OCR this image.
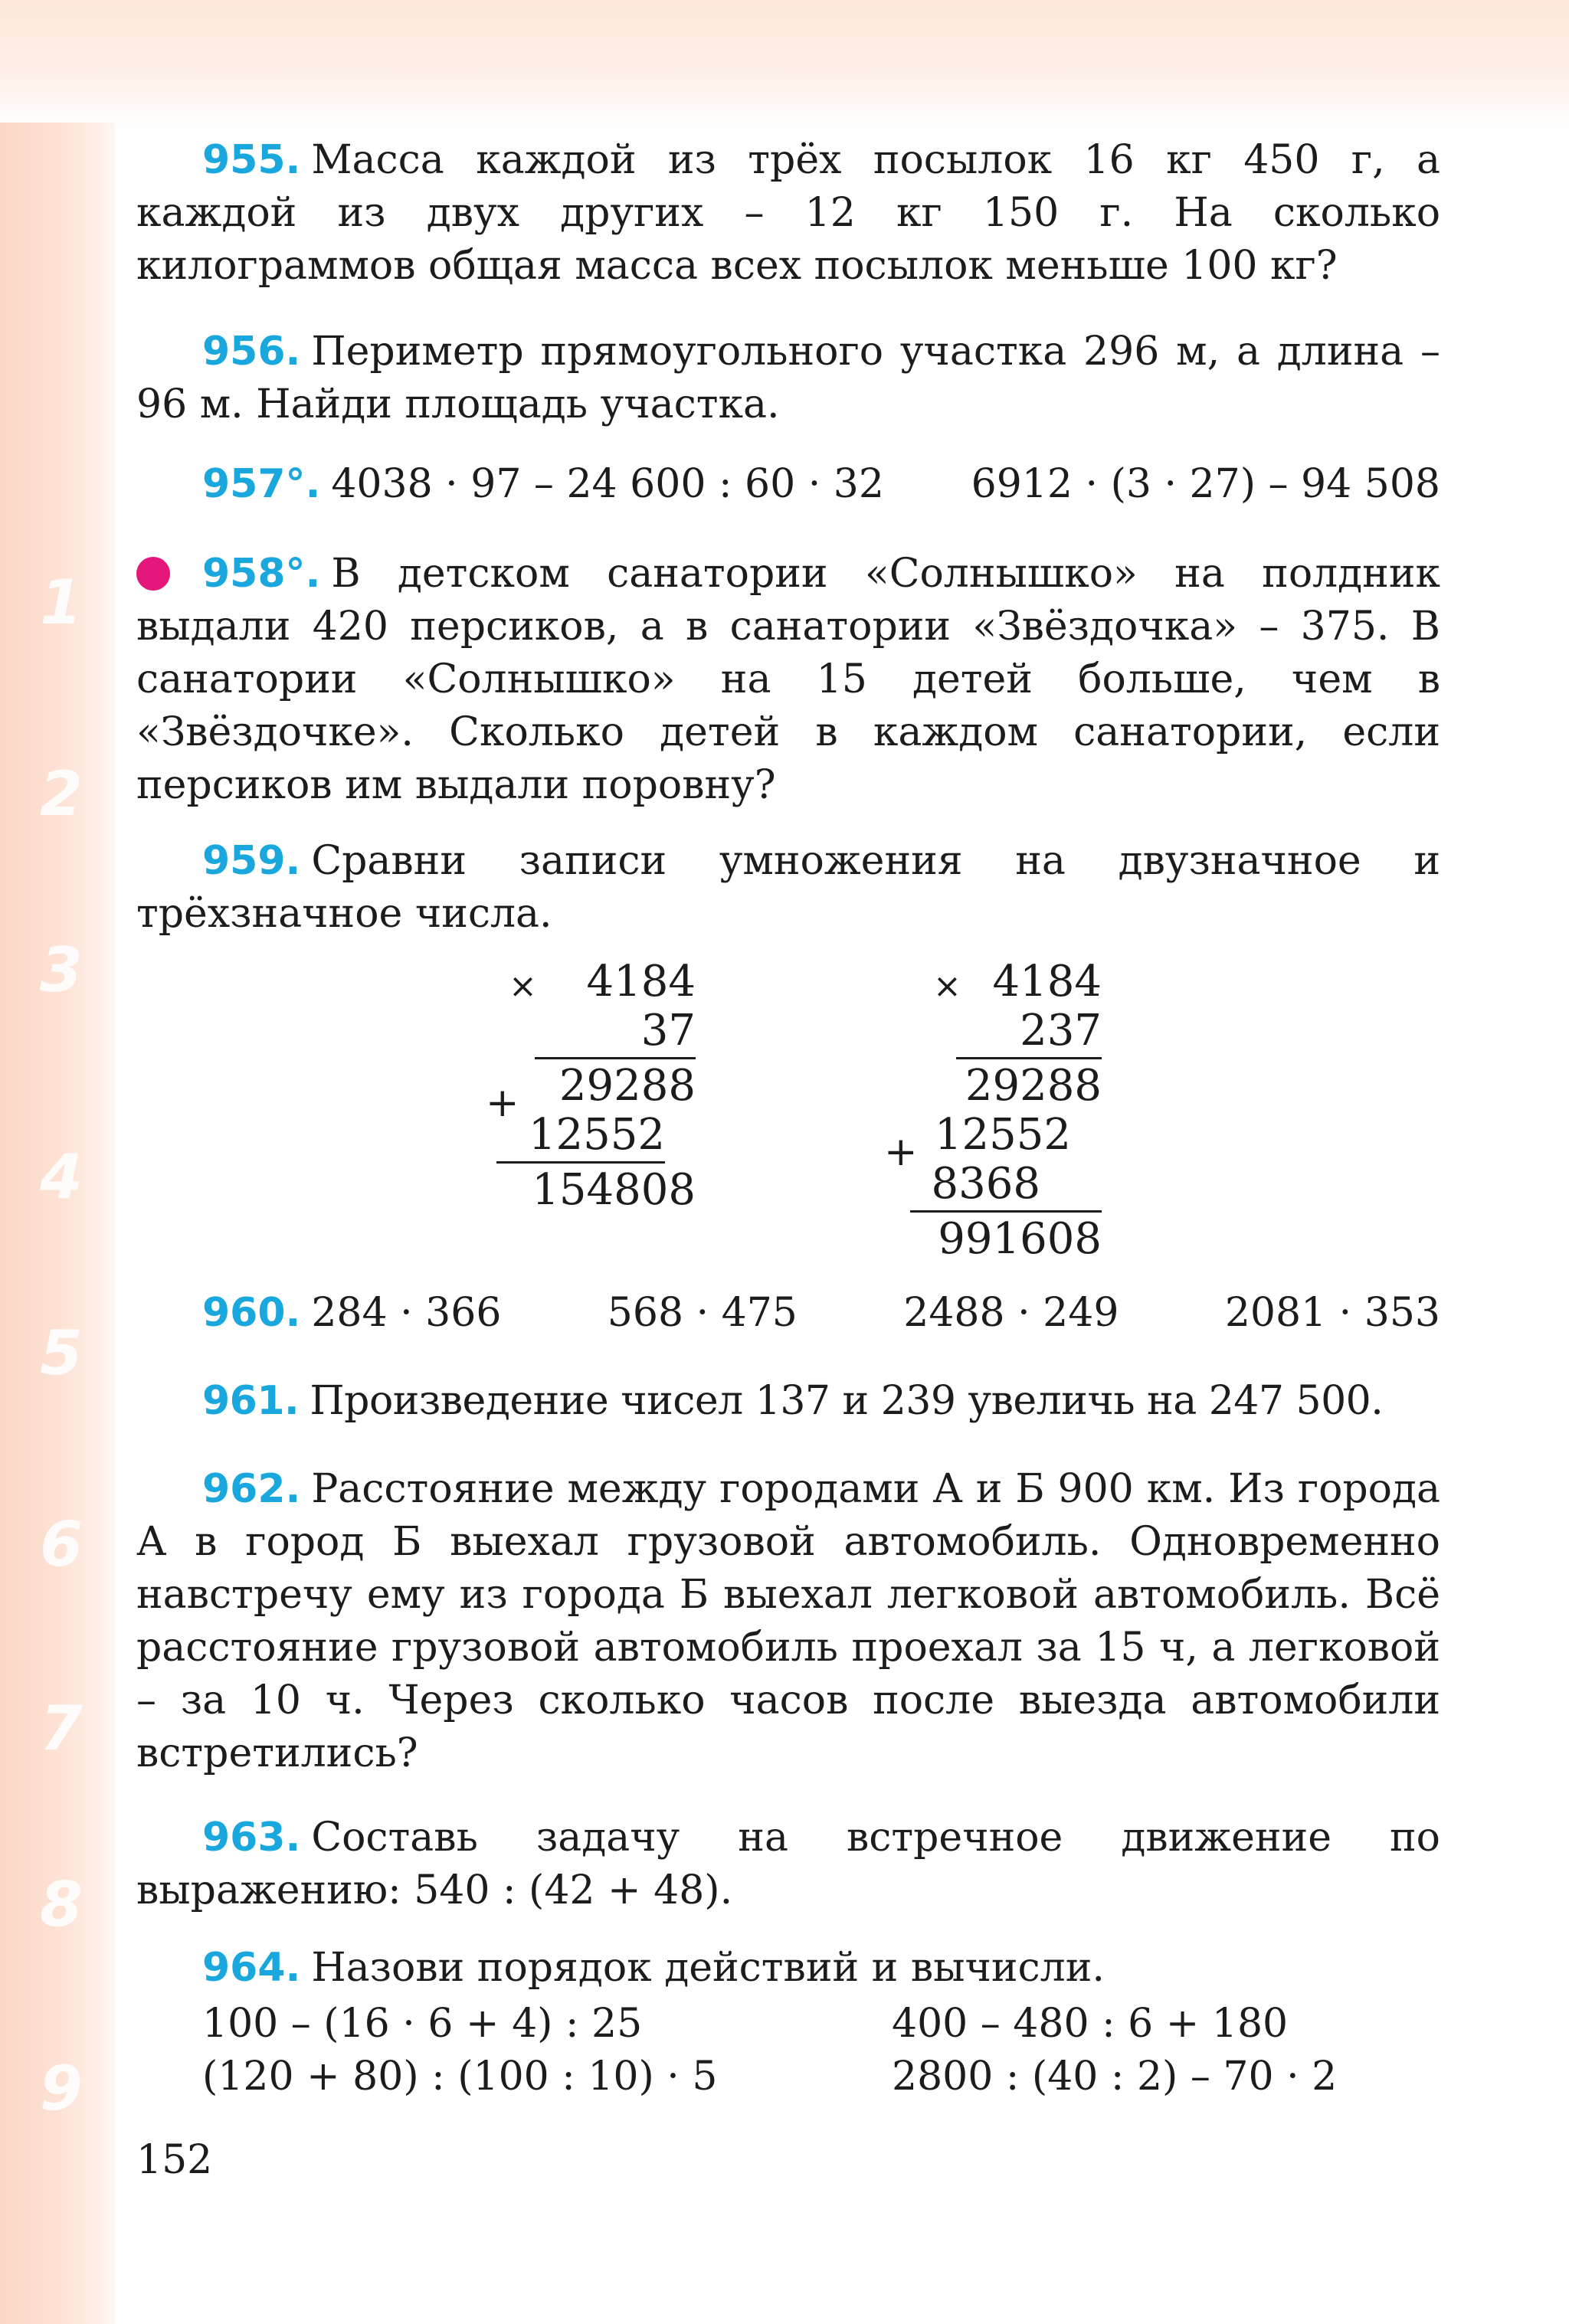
1
2
3
4
5
6
7
8
9

955. Масса каждой из трёх посылок 16 кг 450 г, а каждой из двух других – 12 кг 150 г. На сколько килограммов общая масса всех посылок меньше 100 кг?

956. Периметр прямоугольного участка 296 м, а длина – 96 м. Найди площадь участка.

957°. 4038 · 97 – 24 600 : 60 · 32 6912 · (3 · 27) – 94 508

958°. В детском санатории «Солнышко» на полдник выдали 420 персиков, а в санатории «Звёздочка» – 375. В санатории «Солнышко» на 15 детей больше, чем в «Звёздочке». Сколько детей в каждом санатории, если персиков им выдали поровну?

959. Сравни записи умножения на двузначное и трёхзначное числа.

× 4184
37
+ 29288
12552
154808
× 4184
237
29288
+ 12552
8368
991608
960. 284 · 366	568 · 475	2488 · 249	2081 · 353

961. Произведение чисел 137 и 239 увеличь на 247 500.

962. Расстояние между городами А и Б 900 км. Из города А в город Б выехал грузовой автомобиль. Одновременно навстречу ему из города Б выехал легковой автомобиль. Всё расстояние грузовой автомобиль проехал за 15 ч, а легковой – за 10 ч. Через сколько часов после выезда автомобили встретились?

963. Составь задачу на встречное движение по выражению: 540 : (42 + 48).

964. Назови порядок действий и вычисли.

100 – (16 · 6 + 4) : 25	400 – 480 : 6 + 180
(120 + 80) : (100 : 10) · 5	2800 : (40 : 2) – 70 · 2
152
